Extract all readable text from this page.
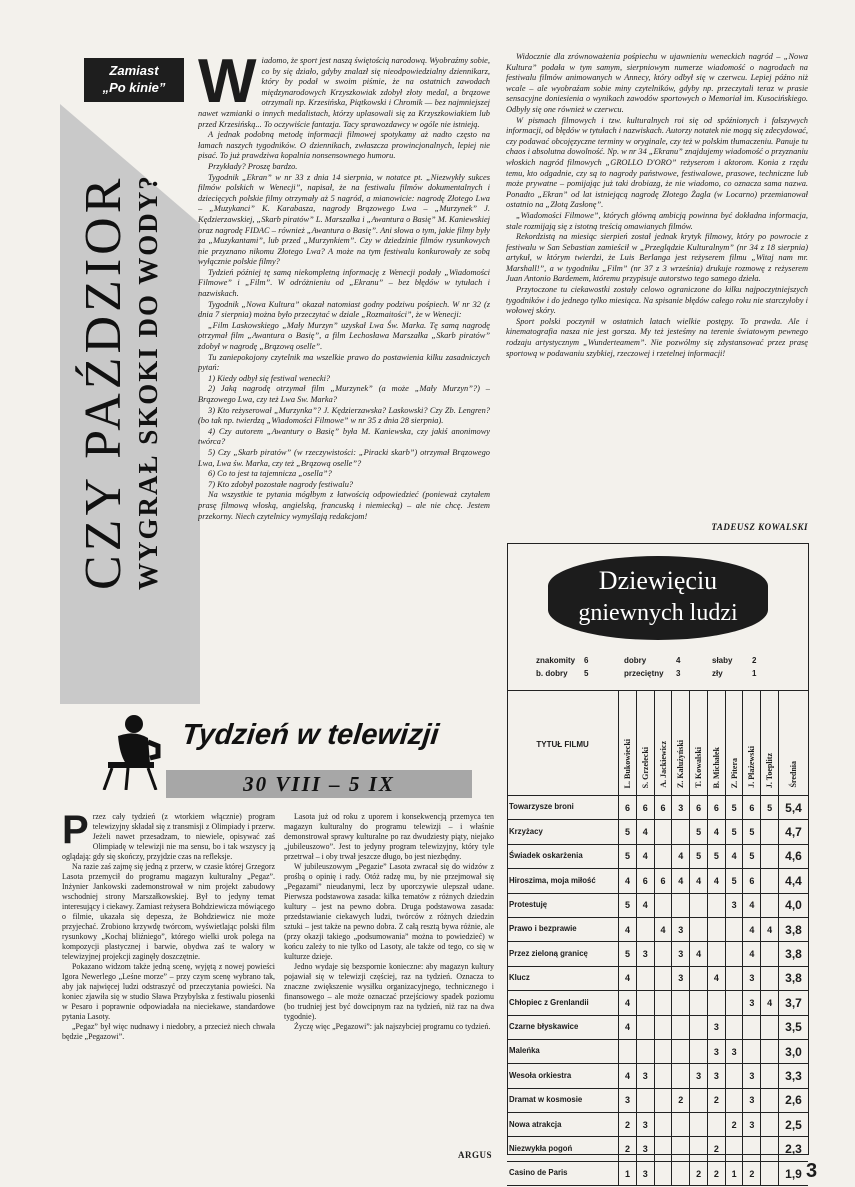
Zamiast
„Po kinie”
CZY PAŹDZIOR WYGRAŁ SKOKI DO WODY?

Wiadomo, że sport jest naszą świętością narodową. Wyobraźmy sobie, co by się działo, gdyby znalazł się nieodpowiedzialny dziennikarz, który by podał w swoim piśmie, że na ostatnich zawodach międzynarodowych Krzyszkowiak zdobył złoty medal, a brązowe otrzymali np. Krzesińska, Piątkowski i Chromik — bez najmniejszej nawet wzmianki o innych medalistach, którzy uplasowali się za Krzyszkowiakiem lub przed Krzesińską... To oczywiście fantazja. Tacy sprawozdawcy w ogóle nie istnieją.

A jednak podobną metodę informacji filmowej spotykamy aż nadto często na łamach naszych tygodników. O dziennikach, zwłaszcza prowincjonalnych, lepiej nie pisać. To już prawdziwa kopalnia nonsensownego humoru.

Przykłady? Proszę bardzo.

Tygodnik „Ekran” w nr 33 z dnia 14 sierpnia, w notatce pt. „Niezwykły sukces filmów polskich w Wenecji”, napisał, że na festiwalu filmów dokumentalnych i dziecięcych polskie filmy otrzymały aż 5 nagród, a mianowicie: nagrodę Złotego Lwa – „Muzykanci” K. Karabasza, nagrody Brązowego Lwa – „Murzynek” J. Kędzierzawskiej, „Skarb piratów” L. Marszałka i „Awantura o Basię” M. Kaniewskiej oraz nagrodę FIDAC – również „Awantura o Basię”. Ani słowa o tym, jakie filmy były za „Muzykantami”, lub przed „Murzynkiem”. Czy w dziedzinie filmów rysunkowych nie przyznano nikomu Złotego Lwa? A może na tym festiwalu konkurowały ze sobą wyłącznie polskie filmy?

Tydzień później tę samą niekompletną informację z Wenecji podały „Wiadomości Filmowe” i „Film”. W odróżnieniu od „Ekranu” – bez błędów w tytułach i nazwiskach.

Tygodnik „Nowa Kultura” okazał natomiast godny podziwu pośpiech. W nr 32 (z dnia 7 sierpnia) można było przeczytać w dziale „Rozmaitości”, że w Wenecji:

„Film Laskowskiego „Mały Murzyn” uzyskał Lwa Św. Marka. Tę samą nagrodę otrzymał film „Awantura o Basię”, a film Lechosława Marszałka „Skarb piratów” zdobył w nagrodę „Brązową oselle”.

Tu zaniepokojony czytelnik ma wszelkie prawo do postawienia kilku zasadniczych pytań:

1) Kiedy odbył się festiwal wenecki?

2) Jaką nagrodę otrzymał film „Murzynek” (a może „Mały Murzyn”?) – Brązowego Lwa, czy też Lwa Sw. Marka?

3) Kto reżyserował „Murzynka”? J. Kędzierzawska? Laskowski? Czy Zb. Lengren? (bo tak np. twierdzą „Wiadomości Filmowe” w nr 35 z dnia 28 sierpnia).

4) Czy autorem „Awantury o Basię” była M. Kaniewska, czy jakiś anonimowy twórca?

5) Czy „Skarb piratów” (w rzeczywistości: „Piracki skarb”) otrzymał Brązowego Lwa, Lwa św. Marka, czy też „Brązową oselle”?

6) Co to jest ta tajemnicza „osella”?

7) Kto zdobył pozostałe nagrody festiwalu?

Na wszystkie te pytania mógłbym z łatwością odpowiedzieć (ponieważ czytałem prasę filmową włoską, angielską, francuską i niemiecką) – ale nie chcę. Jestem przekorny. Niech czytelnicy wymyślają redakcjom!

Widocznie dla zrównoważenia pośpiechu w ujawnieniu weneckich nagród – „Nowa Kultura” podała w tym samym, sierpniowym numerze wiadomość o nagrodach na festiwalu filmów animowanych w Annecy, który odbył się w czerwcu. Lepiej późno niż wcale – ale wyobraźam sobie miny czytelników, gdyby np. przeczytali teraz w prasie sensacyjne doniesienia o wynikach zawodów sportowych o Memoriał im. Kusocińskiego. Odbyły się one również w czerwcu.

W pismach filmowych i tzw. kulturalnych roi się od spóźnionych i fałszywych informacji, od błędów w tytułach i nazwiskach. Autorzy notatek nie mogą się zdecydować, czy podawać obcojęzyczne terminy w oryginale, czy też w polskim tłumaczeniu. Panuje tu chaos i absolutna dowolność. Np. w nr 34 „Ekranu” znajdujemy wiadomość o przyznaniu włoskich nagród filmowych „GROLLO D'ORO” reżyserom i aktorom. Konia z rzędu temu, kto odgadnie, czy są to nagrody państwowe, festiwalowe, prasowe, techniczne lub może prywatne – pomijając już taki drobiazg, że nie wiadomo, co oznacza sama nazwa. Ponadto „Ekran” od lat istniejącą nagrodę Złotego Żagla (w Locarno) przemianował ostatnio na „Złotą Zasłonę”.

„Wiadomości Filmowe”, których główną ambicją powinna być dokładna informacja, stale rozmijają się z istotną treścią omawianych filmów.

Rekordzistą na miesiąc sierpień został jednak krytyk filmowy, który po powrocie z festiwalu w San Sebastian zamieścił w „Przeglądzie Kulturalnym” (nr 34 z 18 sierpnia) artykuł, w którym twierdzi, że Luis Berlanga jest reżyserem filmu „Witaj nam mr. Marshall!”, a w tygodniku „Film” (nr 37 z 3 września) drukuje rozmowę z reżyserem Juan Antonio Bardemem, któremu przypisuje autorstwo tego samego dzieła.

Przytoczone tu ciekawostki zostały celowo ograniczone do kilku najpoczytniejszych tygodników i do jednego tylko miesiąca. Na spisanie błędów całego roku nie starczyłoby i wołowej skóry.

Sport polski poczynił w ostatnich latach wielkie postępy. To prawda. Ale i kinematografia nasza nie jest gorsza. My też jesteśmy na terenie światowym pewnego rodzaju artystycznym „Wunderteamem”. Nie pozwólmy się zdystansować przez prasę sportową w podawaniu szybkiej, rzeczowej i rzetelnej informacji!

TADEUSZ KOWALSKI
Tydzień w telewizji
30 VIII – 5 IX

Przez cały tydzień (z wtorkiem włącznie) program telewizyjny składał się z transmisji z Olimpiady i przerw. Jeżeli nawet przesadzam, to niewiele, opisywać zaś Olimpiadę w telewizji nie ma sensu, bo i tak wszyscy ją oglądają: gdy się skończy, przyjdzie czas na refleksje.

Na razie zaś zajmę się jedną z przerw, w czasie której Grzegorz Lasota przemycił do programu magazyn kulturalny „Pegaz”. Inżynier Jankowski zademonstrował w nim projekt zabudowy wschodniej strony Marszałkowskiej. Był to jedyny temat interesujący i ciekawy. Zamiast reżysera Bohdziewicza mówiącego o filmie, ukazała się depesza, że Bohdziewicz nie może przyjechać. Zrobiono krzywdę twórcom, wyświetlając polski film rysunkowy „Kochaj bliźniego”, którego wielki urok polega na kompozycji plastycznej i barwie, obydwa zaś te walory w telewizyjnej projekcji zaginęły doszczętnie.

Pokazano widzom także jedną scenę, wyjętą z nowej powieści Igora Newerlego „Leśne morze” – przy czym scenę wybrano tak, aby jak najwięcej ludzi odstraszyć od przeczytania powieści. Na koniec zjawiła się w studio Sława Przybylska z festiwalu piosenki w Pesaro i poprawnie odpowiadała na nieciekawe, standardowe pytania Lasoty.

„Pegaz” był więc nudnawy i niedobry, a przecież niech chwała będzie „Pegazowi”.

Lasota już od roku z uporem i konsekwencją przemyca ten magazyn kulturalny do programu telewizji – i właśnie demonstrował sprawy kulturalne po raz dwudziesty piąty, niejako „jubileuszowo”. Jest to jedyny program telewizyjny, który tyle przetrwał – i oby trwał jeszcze długo, bo jest niezbędny.

W jubileuszowym „Pegazie” Lasota zwracał się do widzów z prośbą o opinię i rady. Otóż radzę mu, by nie przejmował się „Pegazami” nieudanymi, lecz by uporczywie ulepszał udane. Pierwsza podstawowa zasada: kilka tematów z różnych dziedzin kultury – jest na pewno dobra. Druga podstawowa zasada: przedstawianie ciekawych ludzi, twórców z różnych dziedzin sztuki – jest także na pewno dobra. Z całą resztą bywa różnie, ale (przy okazji takiego „podsumowania” można to powiedzieć) w końcu zależy to nie tylko od Lasoty, ale także od tego, co się w kulturze dzieje.

Jedno wydaje się bezspornie konieczne: aby magazyn kultury pojawiał się w telewizji częściej, raz na tydzień. Oznacza to znaczne zwiększenie wysiłku organizacyjnego, technicznego i finansowego – ale może oznaczać przejściowy spadek poziomu (bo trudniej jest być dowcipnym raz na tydzień, niż raz na dwa tygodnie).

Życzę więc „Pegazowi”: jak najszybciej programu co tydzień.

ARGUS
Dziewięciu
gniewnych ludzi
znakomity	6	dobry	4	słaby	2
b. dobry	5	przeciętny	3	zły	1
TYTUŁ FILMU	L. Bukowiecki	S. Grzelecki	A. Jackiewicz	Z. Kałużyński	T. Kowalski	B. Michałek	Z. Pitera	J. Płażewski	J. Toeplitz	Średnia
Towarzysze broni	6	6	6	3	6	6	5	6	5	5,4
Krzyżacy	5	4			5	4	5	5		4,7
Świadek oskarżenia	5	4		4	5	5	4	5		4,6
Hiroszima, moja miłość	4	6	6	4	4	4	5	6		4,4
Protestuję	5	4					3	4		4,0
Prawo i bezprawie	4		4	3				4	4	3,8
Przez zieloną granicę	5	3		3	4			4		3,8
Klucz	4			3		4		3		3,8
Chłopiec z Grenlandii	4							3	4	3,7
Czarne błyskawice	4					3				3,5
Maleńka						3	3			3,0
Wesoła orkiestra	4	3			3	3		3		3,3
Dramat w kosmosie	3			2		2		3		2,6
Nowa atrakcja	2	3					2	3		2,5
Niezwykła pogoń	2	3				2				2,3
Casino de Paris	1	3			2	2	1	2		1,9 3
